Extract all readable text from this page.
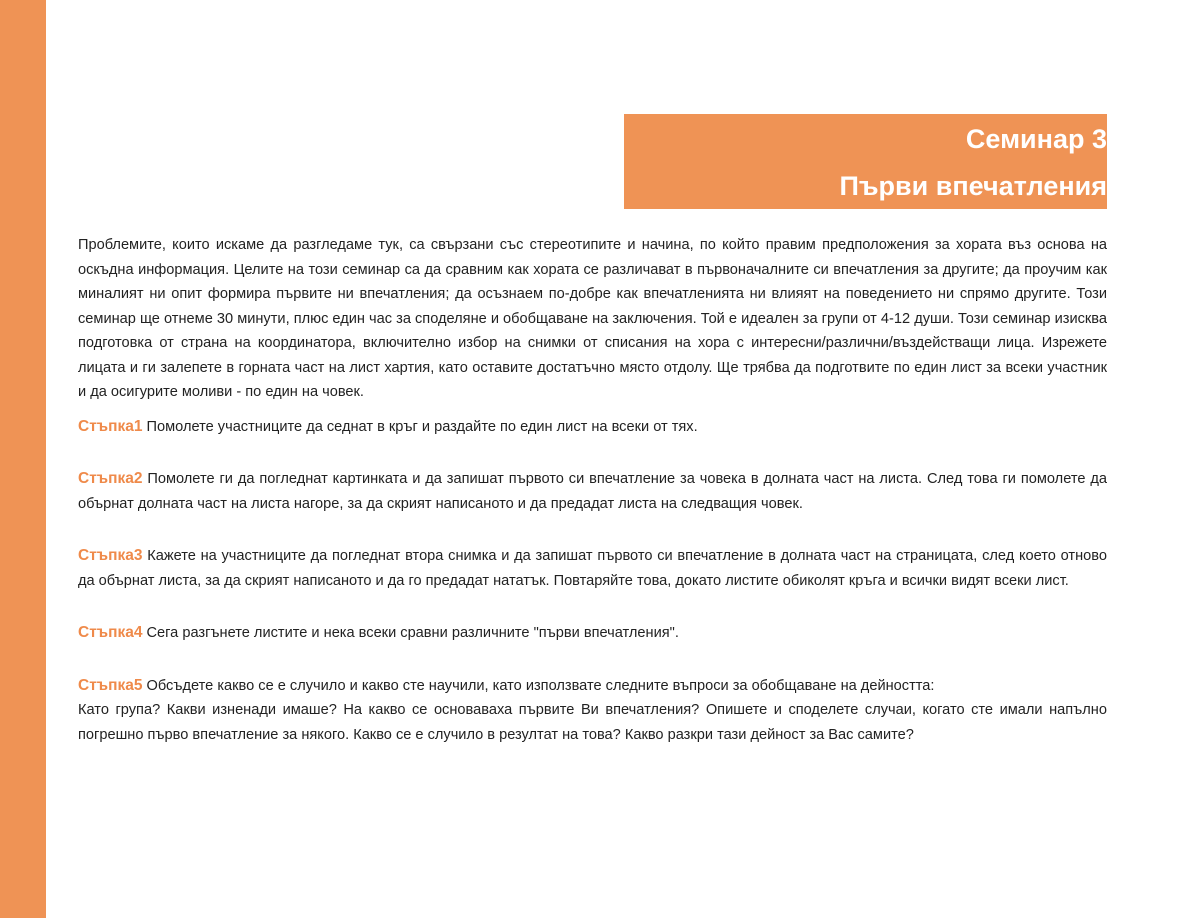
Семинар 3
Първи впечатления

Проблемите, които искаме да разгледаме тук, са свързани със стереотипите и начина, по който правим предположения за хората въз основа на оскъдна информация. Целите на този семинар са да сравним как хората се различават в първоначалните си впечатления за другите; да проучим как миналият ни опит формира първите ни впечатления; да осъзнаем по-добре как впечатленията ни влияят на поведението ни спрямо другите. Този семинар ще отнеме 30 минути, плюс един час за споделяне и обобщаване на заключения. Той е идеален за групи от 4-12 души. Този семинар изисква подготовка от страна на координатора, включително избор на снимки от списания на хора с интересни/различни/въздействащи лица. Изрежете лицата и ги залепете в горната част на лист хартия, като оставите достатъчно място отдолу. Ще трябва да подготвите по един лист за всеки участник и да осигурите моливи - по един на човек.

Стъпка1 Помолете участниците да седнат в кръг и раздайте по един лист на всеки от тях.

Стъпка2 Помолете ги да погледнат картинката и да запишат първото си впечатление за човека в долната част на листа. След това ги помолете да обърнат долната част на листа нагоре, за да скрият написаното и да предадат листа на следващия човек.

Стъпка3 Кажете на участниците да погледнат втора снимка и да запишат първото си впечатление в долната част на страницата, след което отново да обърнат листа, за да скрият написаното и да го предадат нататък. Повтаряйте това, докато листите обиколят кръга и всички видят всеки лист.

Стъпка4 Сега разгънете листите и нека всеки сравни различните "първи впечатления".

Стъпка5 Обсъдете какво се е случило и какво сте научили, като използвате следните въпроси за обобщаване на дейността:

Като група? Какви изненади имаше? На какво се основаваха първите Ви впечатления? Опишете и споделете случаи, когато сте имали напълно погрешно първо впечатление за някого. Какво се е случило в резултат на това? Какво разкри тази дейност за Вас самите?
